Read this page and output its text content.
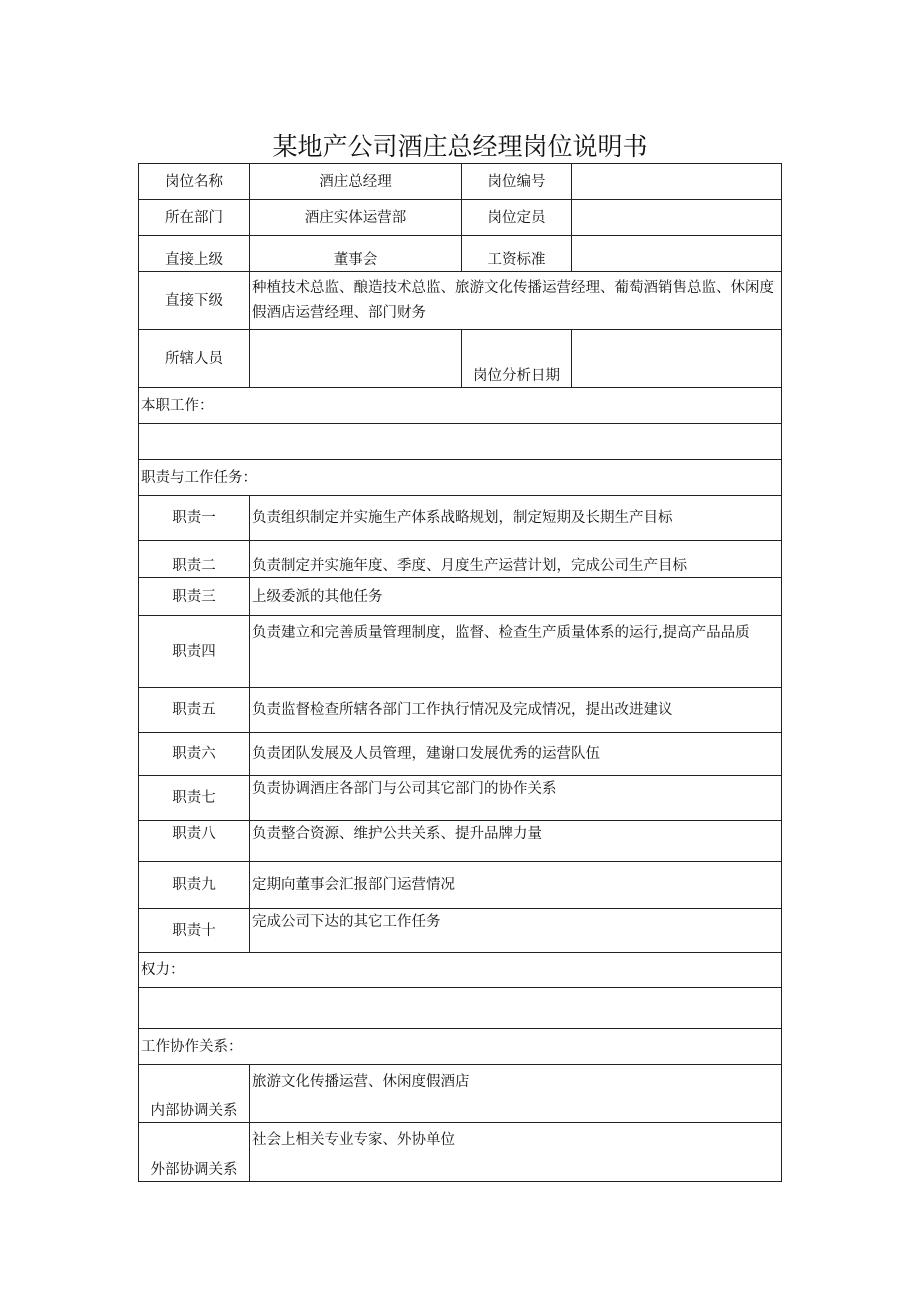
某地产公司酒庄总经理岗位说明书
岗位名称	酒庄总经理	岗位编号	
所在部门	酒庄实体运营部	岗位定员	
直接上级	董事会	工资标准	
直接下级	种植技术总监、酿造技术总监、旅游文化传播运营经理、葡萄酒销售总监、休闲度假酒店运营经理、部门财务		
所辖人员		岗位分析日期	
本职工作：			

职责与工作任务：			
职责一	负责组织制定并实施生产体系战略规划，制定短期及长期生产目标		
职责二	负责制定并实施年度、季度、月度生产运营计划，完成公司生产目标		
职责三	上级委派的其他任务		
职责四	负责建立和完善质量管理制度，监督、检查生产质量体系的运行,提高产品品质		
职责五	负责监督检查所辖各部门工作执行情况及完成情况，提出改进建议		
职责六	负责团队发展及人员管理，建谢口发展优秀的运营队伍		
职责七	负责协调酒庄各部门与公司其它部门的协作关系		
职责八	负责整合资源、维护公共关系、提升品牌力量		
职责九	定期向董事会汇报部门运营情况		
职责十	完成公司下达的其它工作任务		
权力：			

工作协作关系：			
内部协调关系	旅游文化传播运营、休闲度假酒店		
外部协调关系	社会上相关专业专家、外协单位		
